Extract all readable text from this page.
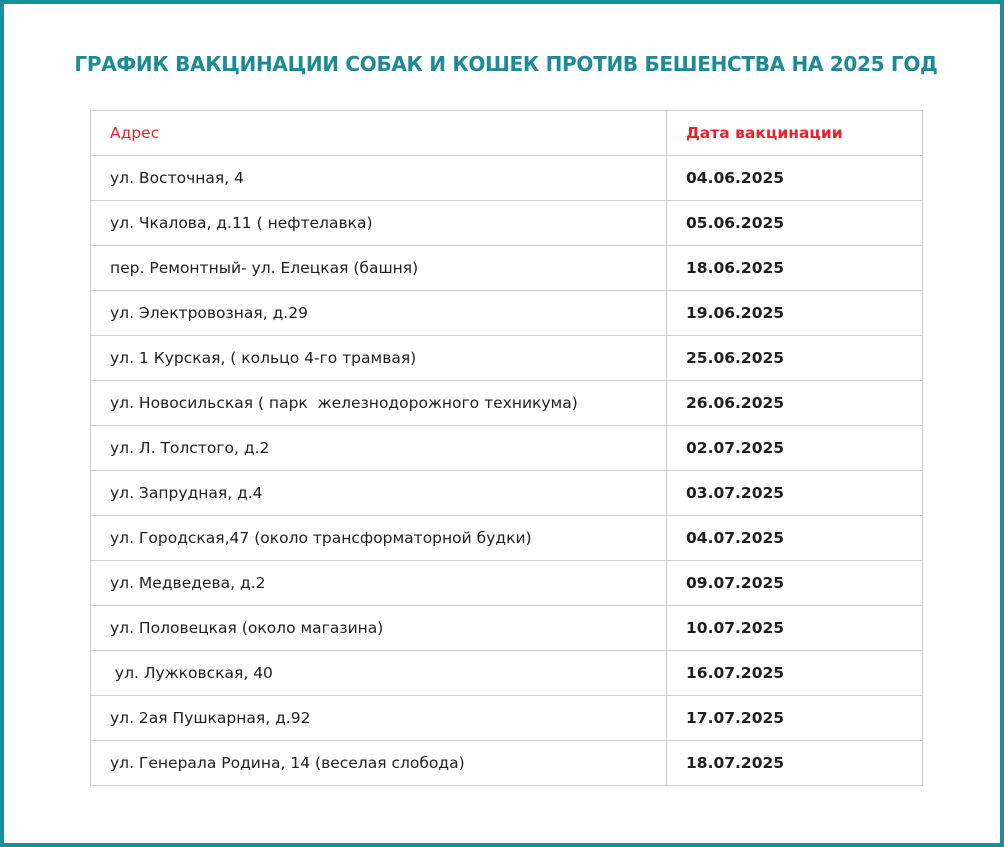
ГРАФИК ВАКЦИНАЦИИ СОБАК И КОШЕК ПРОТИВ БЕШЕНСТВА НА 2025 ГОД
Адрес	Дата вакцинации
ул. Восточная, 4	04.06.2025
ул. Чкалова, д.11 ( нефтелавка)	05.06.2025
пер. Ремонтный- ул. Елецкая (башня)	18.06.2025
ул. Электровозная, д.29	19.06.2025
ул. 1 Курская, ( кольцо 4-го трамвая)	25.06.2025
ул. Новосильская ( парк  железнодорожного техникума)	26.06.2025
ул. Л. Толстого, д.2	02.07.2025
ул. Запрудная, д.4	03.07.2025
ул. Городская,47 (около трансформаторной будки)	04.07.2025
ул. Медведева, д.2	09.07.2025
ул. Половецкая (около магазина)	10.07.2025
ул. Лужковская, 40	16.07.2025
ул. 2ая Пушкарная, д.92	17.07.2025
ул. Генерала Родина, 14 (веселая слобода)	18.07.2025
